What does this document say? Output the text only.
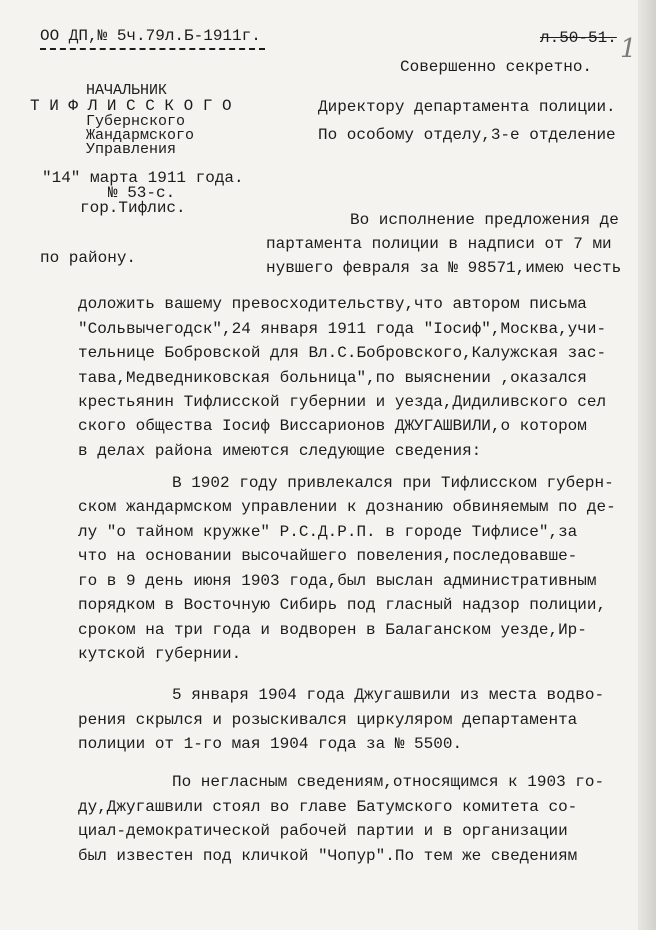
ОО ДП,№ 5ч.79л.Б-1911г.	л.50-51. 1
Совершенно секретно.
НАЧАЛЬНИК
Т И Ф Л И С С К О Г О
Губернского
Жандармского
Управления
"14" марта 1911 года.
№ 53-с.
гор.Тифлис.
Директору департамента полиции.
По особому отделу,3-е отделение
по району.
Во исполнение предложения де
партамента полиции в надписи от 7 ми
нувшего февраля за № 98571,имею честь
доложить вашему превосходительству,что автором письма
"Сольвычегодск",24 января 1911 года "Іосиф",Москва,учи-
тельнице Бобровской для Вл.С.Бобровского,Калужская зас-
тава,Медведниковская больница",по выяснении ,оказался
крестьянин Тифлисской губернии и уезда,Дидиливского сел
ского общества Іосиф Виссарионов ДЖУГАШВИЛИ,о котором
в делах района имеются следующие сведения:
В 1902 году привлекался при Тифлисском губерн-
ском жандармском управлении к дознанию обвиняемым по де-
лу "о тайном кружке" Р.С.Д.Р.П. в городе Тифлисе",за
что на основании высочайшего повеления,последовавше-
го в 9 день июня 1903 года,был выслан административным
порядком в Восточную Сибирь под гласный надзор полиции,
сроком на три года и водворен в Балаганском уезде,Ир-
кутской губернии.
5 января 1904 года Джугашвили из места водво-
рения скрылся и розыскивался циркуляром департамента
полиции от 1-го мая 1904 года за № 5500.
По негласным сведениям,относящимся к 1903 го-
ду,Джугашвили стоял во главе Батумского комитета со-
циал-демократической рабочей партии и в организации
был известен под кличкой "Чопур".По тем же сведениям
